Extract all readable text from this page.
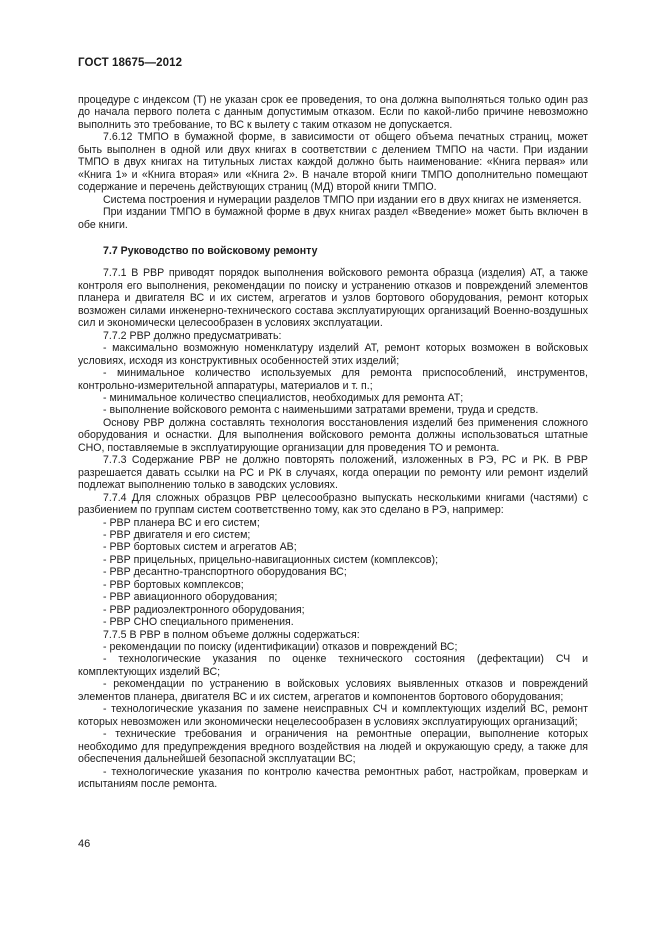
ГОСТ 18675—2012

процедуре с индексом (Т) не указан срок ее проведения, то она должна выполняться только один раз до начала первого полета с данным допустимым отказом. Если по какой-либо причине невозможно выполнить это требование, то ВС к вылету с таким отказом не допускается.

7.6.12 ТМПО в бумажной форме, в зависимости от общего объема печатных страниц, может быть выполнен в одной или двух книгах в соответствии с делением ТМПО на части. При издании ТМПО в двух книгах на титульных листах каждой должно быть наименование: «Книга первая» или «Книга 1» и «Книга вторая» или «Книга 2». В начале второй книги ТМПО дополнительно помещают содержание и перечень действующих страниц (МД) второй книги ТМПО.

Система построения и нумерации разделов ТМПО при издании его в двух книгах не изменяется.

При издании ТМПО в бумажной форме в двух книгах раздел «Введение» может быть включен в обе книги.

7.7 Руководство по войсковому ремонту

7.7.1 В РВР приводят порядок выполнения войскового ремонта образца (изделия) АТ, а также контроля его выполнения, рекомендации по поиску и устранению отказов и повреждений элементов планера и двигателя ВС и их систем, агрегатов и узлов бортового оборудования, ремонт которых возможен силами инженерно-технического состава эксплуатирующих организаций Военно-воздушных сил и экономически целесообразен в условиях эксплуатации.

7.7.2 РВР должно предусматривать:

- максимально возможную номенклатуру изделий АТ, ремонт которых возможен в войсковых условиях, исходя из конструктивных особенностей этих изделий;

- минимальное количество используемых для ремонта приспособлений, инструментов, контрольно-измерительной аппаратуры, материалов и т. п.;

- минимальное количество специалистов, необходимых для ремонта АТ;

- выполнение войскового ремонта с наименьшими затратами времени, труда и средств.

Основу РВР должна составлять технология восстановления изделий без применения сложного оборудования и оснастки. Для выполнения войскового ремонта должны использоваться штатные СНО, поставляемые в эксплуатирующие организации для проведения ТО и ремонта.

7.7.3 Содержание РВР не должно повторять положений, изложенных в РЭ, РС и РК. В РВР разрешается давать ссылки на РС и РК в случаях, когда операции по ремонту или ремонт изделий подлежат выполнению только в заводских условиях.

7.7.4 Для сложных образцов РВР целесообразно выпускать несколькими книгами (частями) с разбиением по группам систем соответственно тому, как это сделано в РЭ, например:

- РВР планера ВС и его систем;

- РВР двигателя и его систем;

- РВР бортовых систем и агрегатов АВ;

- РВР прицельных, прицельно-навигационных систем (комплексов);

- РВР десантно-транспортного оборудования ВС;

- РВР бортовых комплексов;

- РВР авиационного оборудования;

- РВР радиоэлектронного оборудования;

- РВР СНО специального применения.

7.7.5 В РВР в полном объеме должны содержаться:

- рекомендации по поиску (идентификации) отказов и повреждений ВС;

- технологические указания по оценке технического состояния (дефектации) СЧ и комплектующих изделий ВС;

- рекомендации по устранению в войсковых условиях выявленных отказов и повреждений элементов планера, двигателя ВС и их систем, агрегатов и компонентов бортового оборудования;

- технологические указания по замене неисправных СЧ и комплектующих изделий ВС, ремонт которых невозможен или экономически нецелесообразен в условиях эксплуатирующих организаций;

- технические требования и ограничения на ремонтные операции, выполнение которых необходимо для предупреждения вредного воздействия на людей и окружающую среду, а также для обеспечения дальнейшей безопасной эксплуатации ВС;

- технологические указания по контролю качества ремонтных работ, настройкам, проверкам и испытаниям после ремонта.

46
